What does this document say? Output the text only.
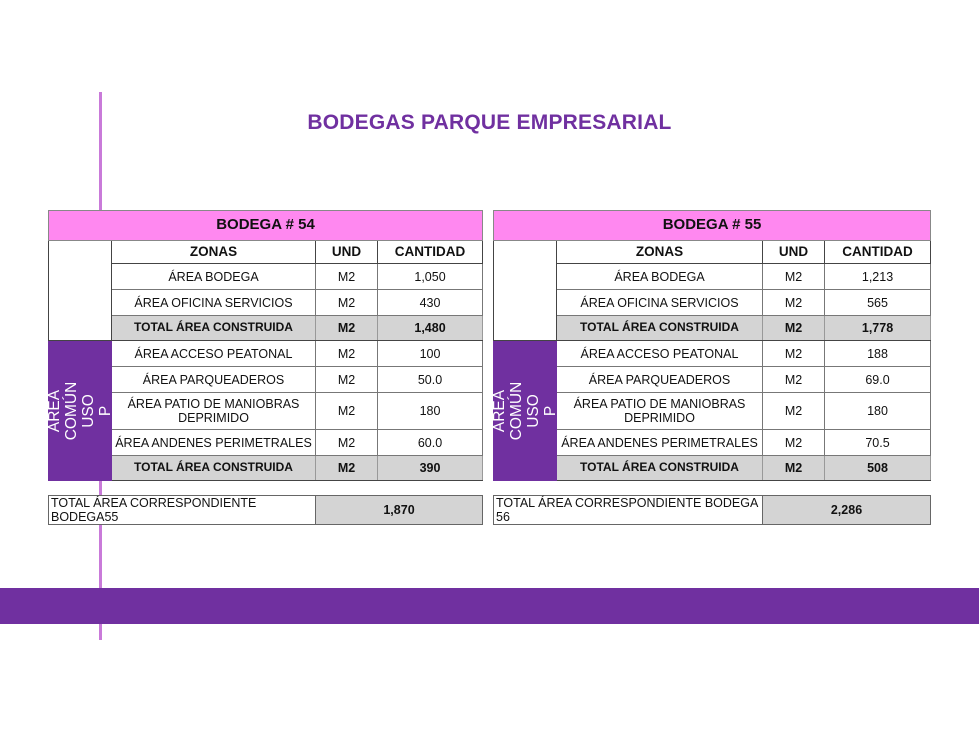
BODEGAS PARQUE EMPRESARIAL
BODEGA # 54			

ÁREA
PRIVAD
A	ZONAS	UND	CANTIDAD
	ÁREA BODEGA	M2	1,050
	ÁREA OFICINA SERVICIOS	M2	430
	TOTAL ÁREA CONSTRUIDA	M2	1,480

ÁREA
COMÚN
USO
P	ÁREA ACCESO PEATONAL	M2	100
	ÁREA PARQUEADEROS	M2	50.0
	ÁREA PATIO DE MANIOBRAS DEPRIMIDO	M2	180
	ÁREA ANDENES PERIMETRALES	M2	60.0
	TOTAL ÁREA CONSTRUIDA	M2	390
TOTAL ÁREA CORRESPONDIENTE BODEGA55	1,870
BODEGA # 55			

ÁREA
PRIVAD
A	ZONAS	UND	CANTIDAD
	ÁREA BODEGA	M2	1,213
	ÁREA OFICINA SERVICIOS	M2	565
	TOTAL ÁREA CONSTRUIDA	M2	1,778

ÁREA
COMÚN
USO
P	ÁREA ACCESO PEATONAL	M2	188
	ÁREA PARQUEADEROS	M2	69.0
	ÁREA PATIO DE MANIOBRAS DEPRIMIDO	M2	180
	ÁREA ANDENES PERIMETRALES	M2	70.5
	TOTAL ÁREA CONSTRUIDA	M2	508
TOTAL ÁREA CORRESPONDIENTE BODEGA 56	2,286
